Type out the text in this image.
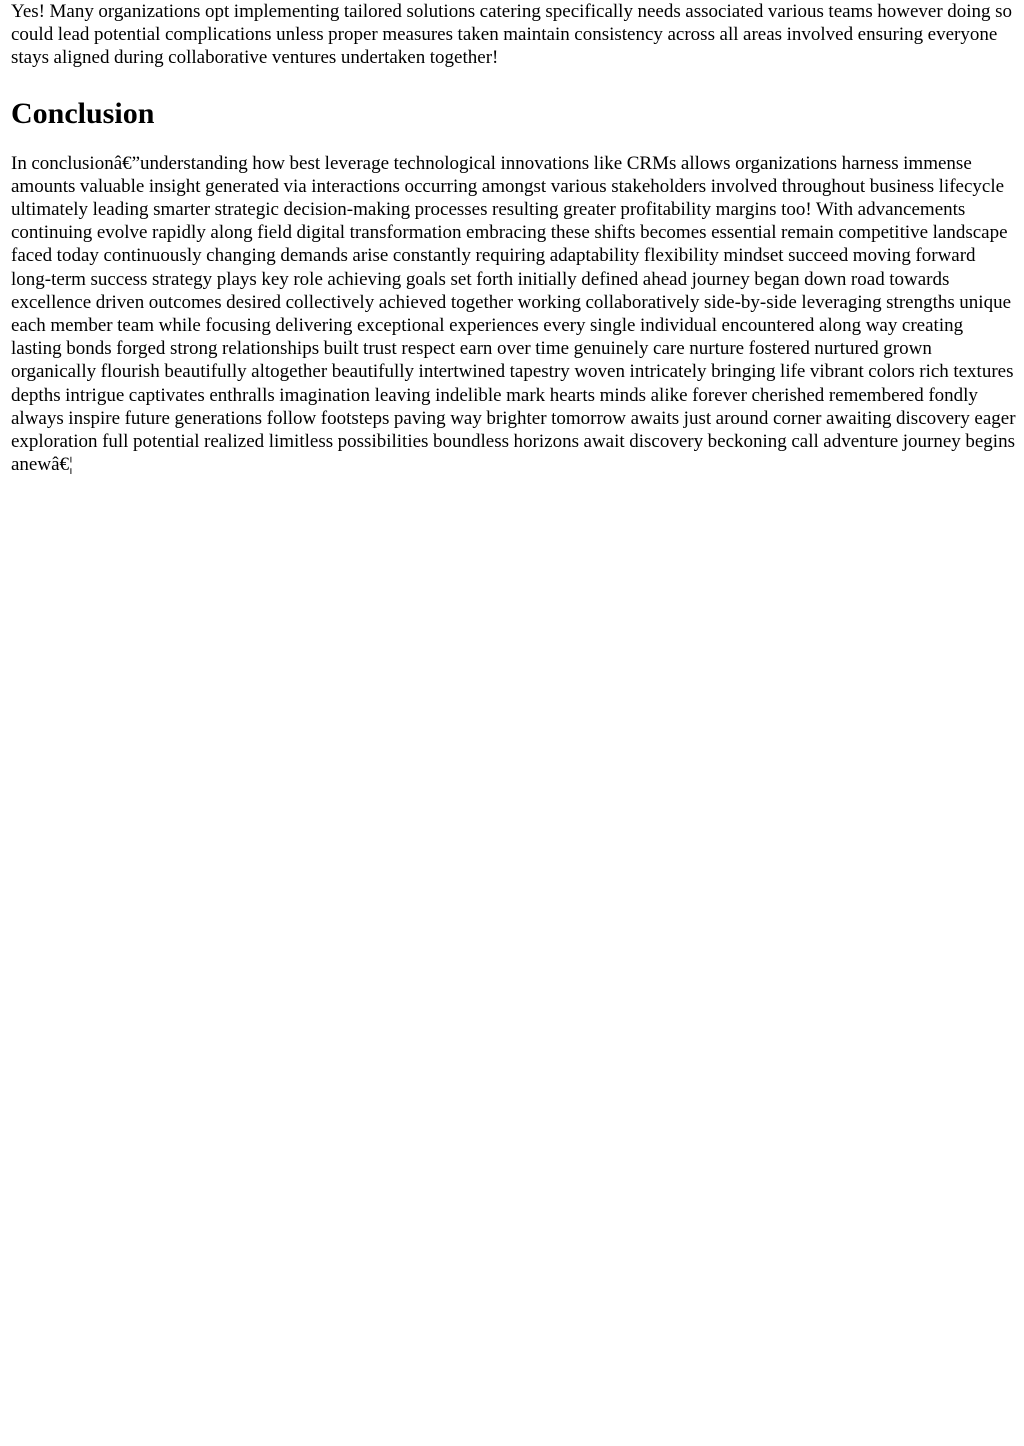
Yes! Many organizations opt implementing tailored solutions catering specifically needs associated various teams however doing so could lead potential complications unless proper measures taken maintain consistency across all areas involved ensuring everyone stays aligned during collaborative ventures undertaken together!

Conclusion

In conclusionâ€”understanding how best leverage technological innovations like CRMs allows organizations harness immense amounts valuable insight generated via interactions occurring amongst various stakeholders involved throughout business lifecycle ultimately leading smarter strategic decision-making processes resulting greater profitability margins too! With advancements continuing evolve rapidly along field digital transformation embracing these shifts becomes essential remain competitive landscape faced today continuously changing demands arise constantly requiring adaptability flexibility mindset succeed moving forward long-term success strategy plays key role achieving goals set forth initially defined ahead journey began down road towards excellence driven outcomes desired collectively achieved together working collaboratively side-by-side leveraging strengths unique each member team while focusing delivering exceptional experiences every single individual encountered along way creating lasting bonds forged strong relationships built trust respect earn over time genuinely care nurture fostered nurtured grown organically flourish beautifully altogether beautifully intertwined tapestry woven intricately bringing life vibrant colors rich textures depths intrigue captivates enthralls imagination leaving indelible mark hearts minds alike forever cherished remembered fondly always inspire future generations follow footsteps paving way brighter tomorrow awaits just around corner awaiting discovery eager exploration full potential realized limitless possibilities boundless horizons await discovery beckoning call adventure journey begins anewâ€¦
